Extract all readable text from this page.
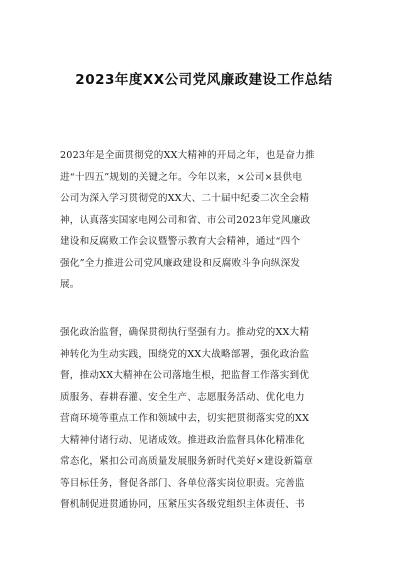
2023年度XX公司党风廉政建设工作总结
2023年是全面贯彻党的XX大精神的开局之年，也是奋力推
进“十四五”规划的关键之年。今年以来，×公司×县供电
公司为深入学习贯彻党的XX大、二十届中纪委二次全会精
神，认真落实国家电网公司和省、市公司2023年党风廉政
建设和反腐败工作会议暨警示教育大会精神，通过“四个
强化”全力推进公司党风廉政建设和反腐败斗争向纵深发
展。
强化政治监督，确保贯彻执行坚强有力。推动党的XX大精
神转化为生动实践，围绕党的XX大战略部署，强化政治监
督，推动XX大精神在公司落地生根，把监督工作落实到优
质服务、春耕春灌、安全生产、志愿服务活动、优化电力
营商环境等重点工作和领域中去，切实把贯彻落实党的XX
大精神付诸行动、见诸成效。推进政治监督具体化精准化
常态化，紧扣公司高质量发展服务新时代美好×建设新篇章
等目标任务，督促各部门、各单位落实岗位职责。完善监
督机制促进贯通协同，压紧压实各级党组织主体责任、书
